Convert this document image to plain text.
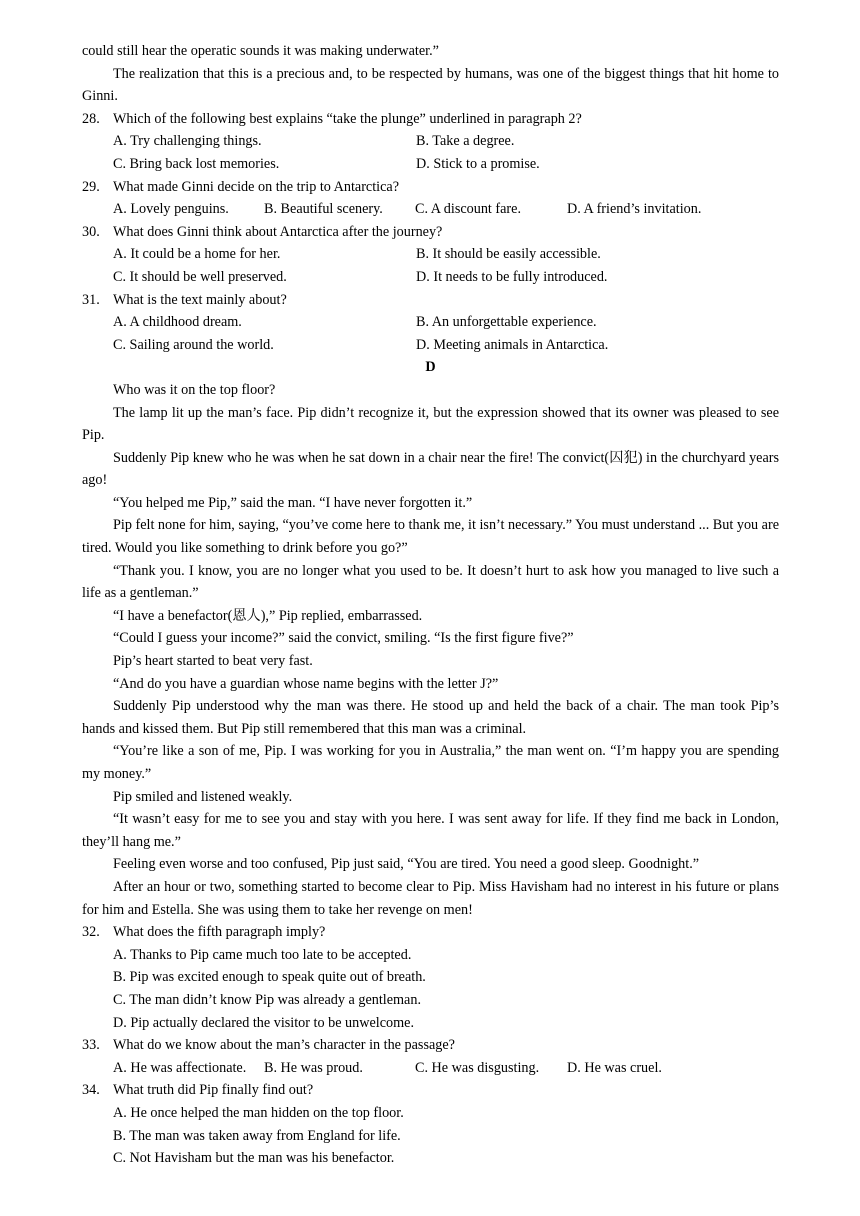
could still hear the operatic sounds it was making underwater.”

The realization that this is a precious and, to be respected by humans, was one of the biggest things that hit home to Ginni.

28. Which of the following best explains “take the plunge” underlined in paragraph 2?
A. Try challenging things.	B. Take a degree.
C. Bring back lost memories.	D. Stick to a promise.
29. What made Ginni decide on the trip to Antarctica?
A. Lovely penguins.	B. Beautiful scenery.	C. A discount fare.	D. A friend’s invitation.
30. What does Ginni think about Antarctica after the journey?
A. It could be a home for her.	B. It should be easily accessible.
C. It should be well preserved.	D. It needs to be fully introduced.
31. What is the text mainly about?
A. A childhood dream.	B. An unforgettable experience.
C. Sailing around the world.	D. Meeting animals in Antarctica.
D

Who was it on the top floor?

The lamp lit up the man’s face. Pip didn’t recognize it, but the expression showed that its owner was pleased to see Pip.

Suddenly Pip knew who he was when he sat down in a chair near the fire! The convict(囚犯) in the churchyard years ago!

“You helped me Pip,” said the man. “I have never forgotten it.”

Pip felt none for him, saying, “you’ve come here to thank me, it isn’t necessary.” You must understand ... But you are tired. Would you like something to drink before you go?”

“Thank you. I know, you are no longer what you used to be. It doesn’t hurt to ask how you managed to live such a life as a gentleman.”

“I have a benefactor(恩人),” Pip replied, embarrassed.

“Could I guess your income?” said the convict, smiling. “Is the first figure five?”

Pip’s heart started to beat very fast.

“And do you have a guardian whose name begins with the letter J?”

Suddenly Pip understood why the man was there. He stood up and held the back of a chair. The man took Pip’s hands and kissed them. But Pip still remembered that this man was a criminal.

“You’re like a son of me, Pip. I was working for you in Australia,” the man went on. “I’m happy you are spending my money.”

Pip smiled and listened weakly.

“It wasn’t easy for me to see you and stay with you here. I was sent away for life. If they find me back in London, they’ll hang me.”

Feeling even worse and too confused, Pip just said, “You are tired. You need a good sleep. Goodnight.”

After an hour or two, something started to become clear to Pip. Miss Havisham had no interest in his future or plans for him and Estella. She was using them to take her revenge on men!

32. What does the fifth paragraph imply?
A. Thanks to Pip came much too late to be accepted.
B. Pip was excited enough to speak quite out of breath.
C. The man didn’t know Pip was already a gentleman.
D. Pip actually declared the visitor to be unwelcome.
33. What do we know about the man’s character in the passage?
A. He was affectionate.	B. He was proud.	C. He was disgusting.	D. He was cruel.
34. What truth did Pip finally find out?
A. He once helped the man hidden on the top floor.
B. The man was taken away from England for life.
C. Not Havisham but the man was his benefactor.
